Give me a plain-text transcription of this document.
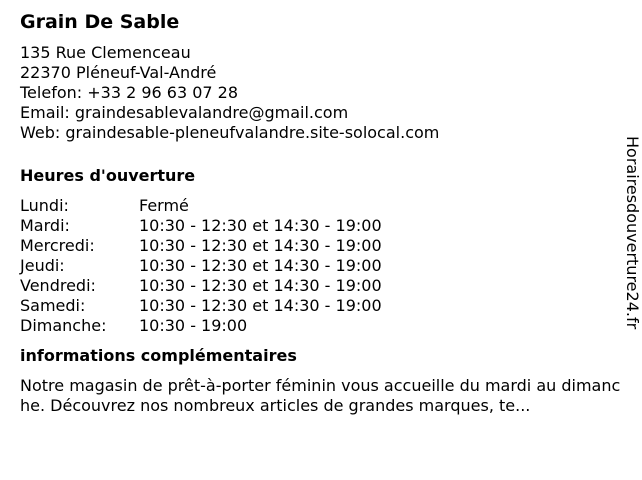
Grain De Sable
135 Rue Clemenceau
22370 Pléneuf-Val-André
Telefon: +33 2 96 63 07 28
Email: graindesablevalandre@gmail.com
Web: graindesable-pleneufvalandre.site-solocal.com
Heures d'ouverture
Lundi:	Fermé
Mardi:	10:30 - 12:30 et 14:30 - 19:00
Mercredi:	10:30 - 12:30 et 14:30 - 19:00
Jeudi:	10:30 - 12:30 et 14:30 - 19:00
Vendredi:	10:30 - 12:30 et 14:30 - 19:00
Samedi:	10:30 - 12:30 et 14:30 - 19:00
Dimanche:	10:30 - 19:00
informations complémentaires

Notre magasin de prêt-à-porter féminin vous accueille du mardi au dimanche. Découvrez nos nombreux articles de grandes marques, te...

Horairesdouverture24.fr
